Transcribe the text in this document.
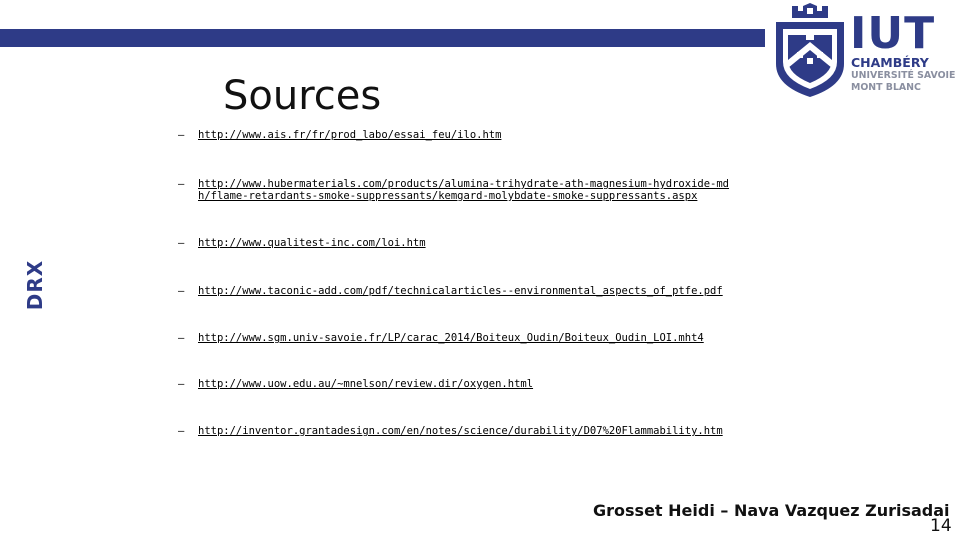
IUT
CHAMBÉRY
UNIVERSITÉ SAVOIE
MONT BLANC
Sources
DRX
—	http://www.ais.fr/fr/prod_labo/essai_feu/ilo.htm
—	http://www.hubermaterials.com/products/alumina-trihydrate-ath-magnesium-hydroxide-mdh/flame-retardants-smoke-suppressants/kemgard-molybdate-smoke-suppressants.aspx
—	http://www.qualitest-inc.com/loi.htm
—	http://www.taconic-add.com/pdf/technicalarticles--environmental_aspects_of_ptfe.pdf
—	http://www.sgm.univ-savoie.fr/LP/carac_2014/Boiteux_Oudin/Boiteux_Oudin_LOI.mht4
—	http://www.uow.edu.au/~mnelson/review.dir/oxygen.html
—	http://inventor.grantadesign.com/en/notes/science/durability/D07%20Flammability.htm
Grosset Heidi – Nava Vazquez Zurisadai
14
